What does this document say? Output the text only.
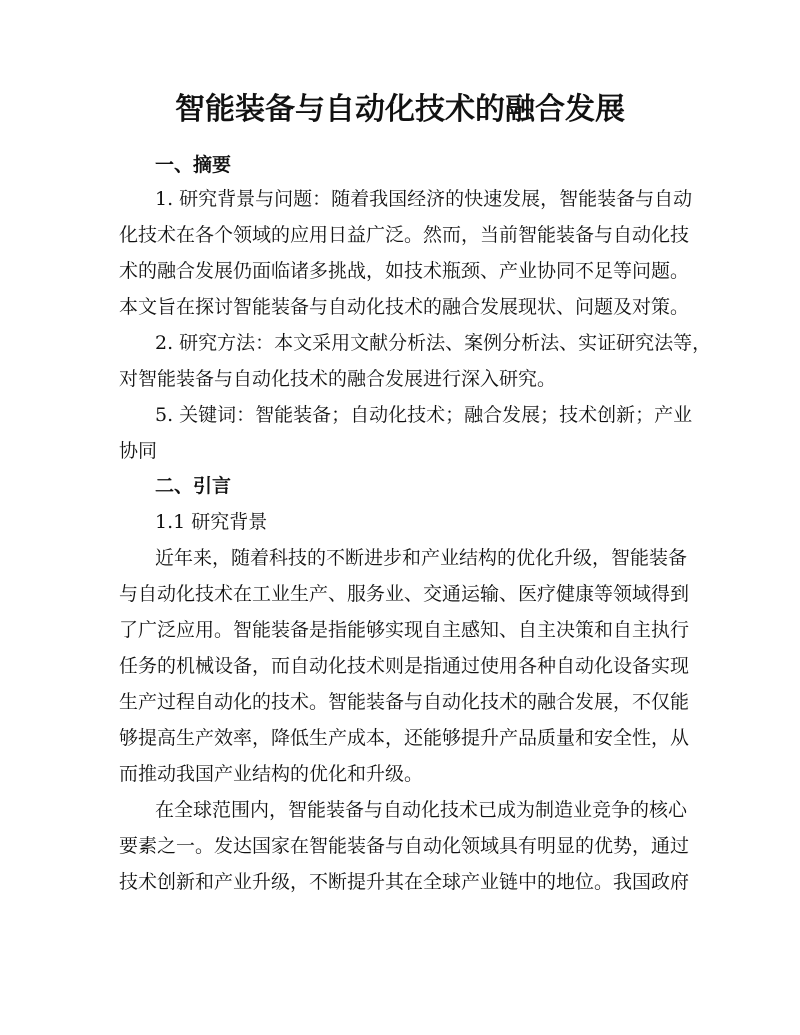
智能装备与自动化技术的融合发展
一、摘要
1. 研究背景与问题：随着我国经济的快速发展，智能装备与自动
化技术在各个领域的应用日益广泛。然而，当前智能装备与自动化技
术的融合发展仍面临诸多挑战，如技术瓶颈、产业协同不足等问题。
本文旨在探讨智能装备与自动化技术的融合发展现状、问题及对策。
2. 研究方法：本文采用文献分析法、案例分析法、实证研究法等，
对智能装备与自动化技术的融合发展进行深入研究。
5. 关键词：智能装备；自动化技术；融合发展；技术创新；产业
协同
二、引言
1.1 研究背景
近年来，随着科技的不断进步和产业结构的优化升级，智能装备
与自动化技术在工业生产、服务业、交通运输、医疗健康等领域得到
了广泛应用。智能装备是指能够实现自主感知、自主决策和自主执行
任务的机械设备，而自动化技术则是指通过使用各种自动化设备实现
生产过程自动化的技术。智能装备与自动化技术的融合发展，不仅能
够提高生产效率，降低生产成本，还能够提升产品质量和安全性，从
而推动我国产业结构的优化和升级。
在全球范围内，智能装备与自动化技术已成为制造业竞争的核心
要素之一。发达国家在智能装备与自动化领域具有明显的优势，通过
技术创新和产业升级，不断提升其在全球产业链中的地位。我国政府
